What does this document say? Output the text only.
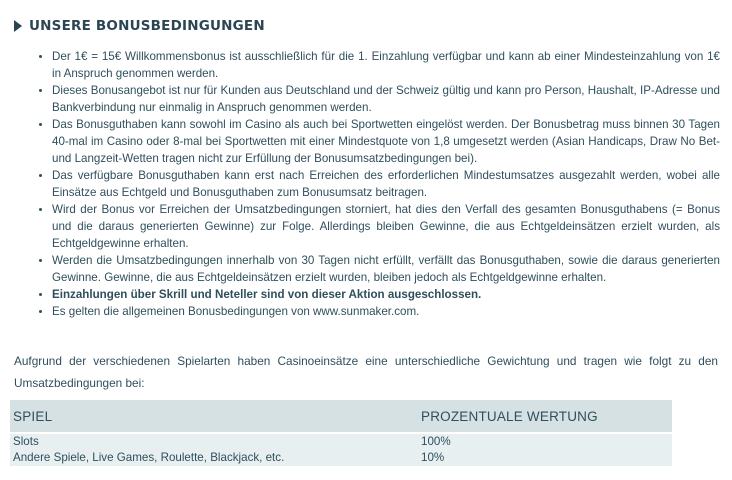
UNSERE BONUSBEDINGUNGEN
• Der 1€ = 15€ Willkommensbonus ist ausschließlich für die 1. Einzahlung verfügbar und kann ab einer Mindesteinzahlung von 1€ in Anspruch genommen werden.
• Dieses Bonusangebot ist nur für Kunden aus Deutschland und der Schweiz gültig und kann pro Person, Haushalt, IP-Adresse und Bankverbindung nur einmalig in Anspruch genommen werden.
• Das Bonusguthaben kann sowohl im Casino als auch bei Sportwetten eingelöst werden. Der Bonusbetrag muss binnen 30 Tagen 40-mal im Casino oder 8-mal bei Sportwetten mit einer Mindestquote von 1,8 umgesetzt werden (Asian Handicaps, Draw No Bet- und Langzeit-Wetten tragen nicht zur Erfüllung der Bonusumsatzbedingungen bei).
• Das verfügbare Bonusguthaben kann erst nach Erreichen des erforderlichen Mindestumsatzes ausgezahlt werden, wobei alle Einsätze aus Echtgeld und Bonusguthaben zum Bonusumsatz beitragen.
• Wird der Bonus vor Erreichen der Umsatzbedingungen storniert, hat dies den Verfall des gesamten Bonusguthabens (= Bonus und die daraus generierten Gewinne) zur Folge. Allerdings bleiben Gewinne, die aus Echtgeldeinsätzen erzielt wurden, als Echtgeldgewinne erhalten.
• Werden die Umsatzbedingungen innerhalb von 30 Tagen nicht erfüllt, verfällt das Bonusguthaben, sowie die daraus generierten Gewinne. Gewinne, die aus Echtgeldeinsätzen erzielt wurden, bleiben jedoch als Echtgeldgewinne erhalten.
• Einzahlungen über Skrill und Neteller sind von dieser Aktion ausgeschlossen.
• Es gelten die allgemeinen Bonusbedingungen von www.sunmaker.com.
Aufgrund der verschiedenen Spielarten haben Casinoeinsätze eine unterschiedliche Gewichtung und tragen wie folgt zu den Umsatzbedingungen bei:
SPIEL	PROZENTUALE WERTUNG
Slots	100%
Andere Spiele, Live Games, Roulette, Blackjack, etc.	10%
